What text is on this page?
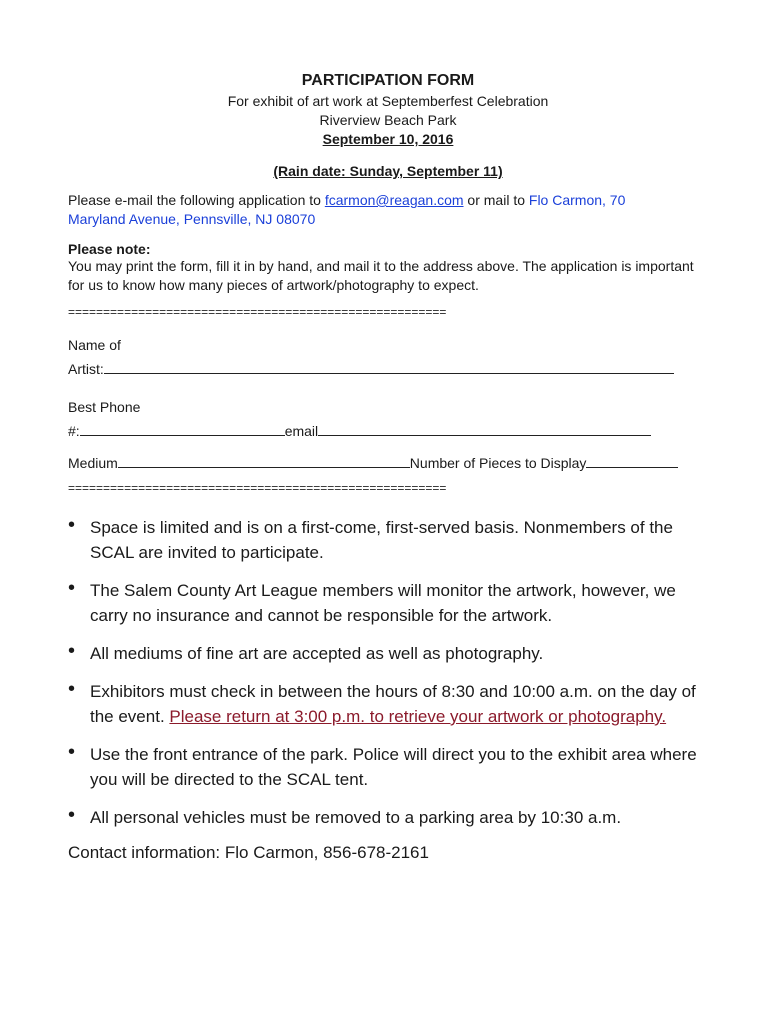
PARTICIPATION FORM
For exhibit of art work at Septemberfest Celebration
Riverview Beach Park
September 10, 2016
(Rain date: Sunday, September 11)
Please e-mail the following application to fcarmon@reagan.com or mail to Flo Carmon, 70
Maryland Avenue, Pennsville, NJ 08070
Please note:
You may print the form, fill it in by hand, and mail it to the address above. The application is important for us to know how many pieces of artwork/photography to expect.
======================================================
Name of
Artist:
Best Phone
#:	email
Medium	Number of Pieces to Display
======================================================
• Space is limited and is on a first-come, first-served basis. Nonmembers of the SCAL are invited to participate.
• The Salem County Art League members will monitor the artwork, however, we carry no insurance and cannot be responsible for the artwork.
• All mediums of fine art are accepted as well as photography.
• Exhibitors must check in between the hours of 8:30 and 10:00 a.m. on the day of the event. Please return at 3:00 p.m. to retrieve your artwork or photography.
• Use the front entrance of the park. Police will direct you to the exhibit area where you will be directed to the SCAL tent.
• All personal vehicles must be removed to a parking area by 10:30 a.m.
Contact information: Flo Carmon, 856-678-2161
